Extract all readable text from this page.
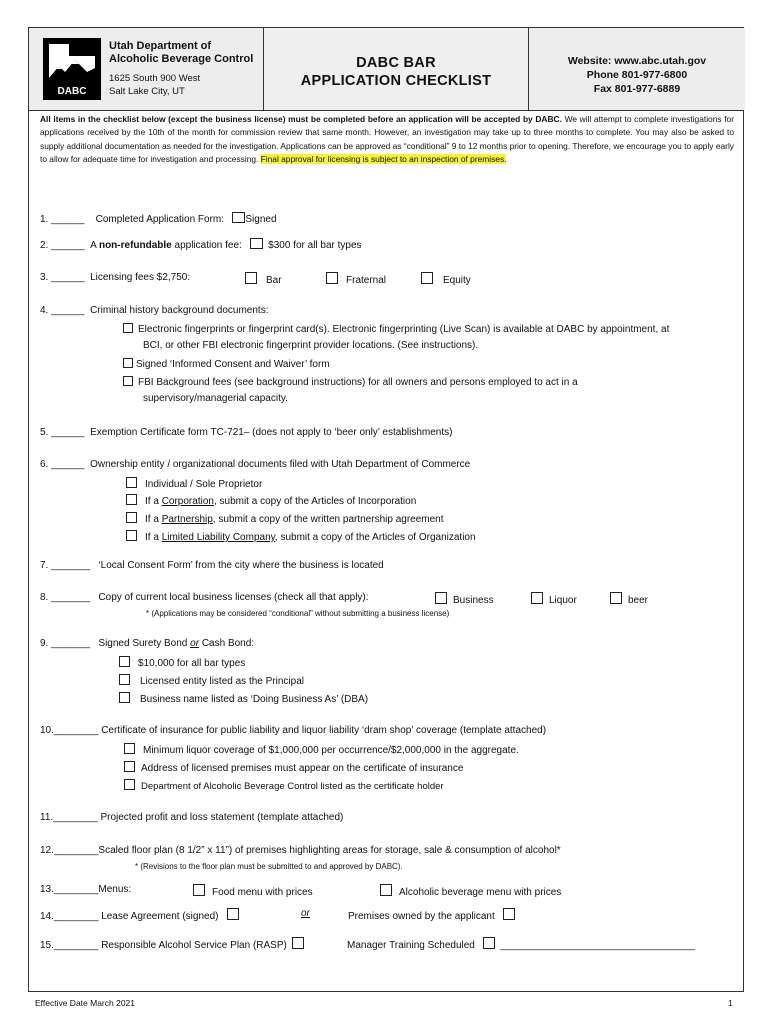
DABC
Utah Department of
Alcoholic Beverage Control
1625 South 900 West
Salt Lake City, UT
DABC BAR
APPLICATION CHECKLIST
Website: www.abc.utah.gov
Phone 801-977-6800
Fax 801-977-6889
All items in the checklist below (except the business license) must be completed before an application will be accepted by DABC. We will attempt to complete investigations for applications received by the 10th of the month for commission review that same month. However, an investigation may take up to three months to complete. You may also be asked to supply additional documentation as needed for the investigation. Applications can be approved as “conditional” 9 to 12 months prior to opening. Therefore, we encourage you to apply early to allow for adequate time for investigation and processing. Final approval for licensing is subject to an inspection of premises.
1. ______ Completed Application Form: Signed
2. ______ A non-refundable application fee:	$300 for all bar types
3. ______ Licensing fees $2,750:	Bar	Fraternal	Equity
4. ______ Criminal history background documents:
Electronic fingerprints or fingerprint card(s). Electronic fingerprinting (Live Scan) is available at DABC by appointment, at
BCI, or other FBI electronic fingerprint provider locations. (See instructions).
Signed ‘Informed Consent and Waiver’ form
FBI Background fees (see background instructions) for all owners and persons employed to act in a
supervisory/managerial capacity.
5. ______ Exemption Certificate form TC-721– (does not apply to ‘beer only’ establishments)
6. ______ Ownership entity / organizational documents filed with Utah Department of Commerce
Individual / Sole Proprietor
If a Corporation, submit a copy of the Articles of Incorporation
If a Partnership, submit a copy of the written partnership agreement
If a Limited Liability Company, submit a copy of the Articles of Organization
7. _______ ‘Local Consent Form’ from the city where the business is located
8. _______ Copy of current local business licenses (check all that apply):	Business	Liquor	beer
* (Applications may be considered “conditional” without submitting a business license)
9. _______ Signed Surety Bond or Cash Bond:
$10,000 for all bar types
Licensed entity listed as the Principal
Business name listed as ‘Doing Business As’ (DBA)
10.________ Certificate of insurance for public liability and liquor liability ‘dram shop’ coverage (template attached)
Minimum liquor coverage of $1,000,000 per occurrence/$2,000,000 in the aggregate.
Address of licensed premises must appear on the certificate of insurance
Department of Alcoholic Beverage Control listed as the certificate holder
11.________ Projected profit and loss statement (template attached)
12.________Scaled floor plan (8 1/2” x 11”) of premises highlighting areas for storage, sale & consumption of alcohol*
* (Revisions to the floor plan must be submitted to and approved by DABC).
13.________Menus:	Food menu with prices	Alcoholic beverage menu with prices
14.________ Lease Agreement (signed)	or	Premises owned by the applicant
15.________ Responsible Alcohol Service Plan (RASP)	Manager Training Scheduled	___________________________________
Effective Date March 2021	1
